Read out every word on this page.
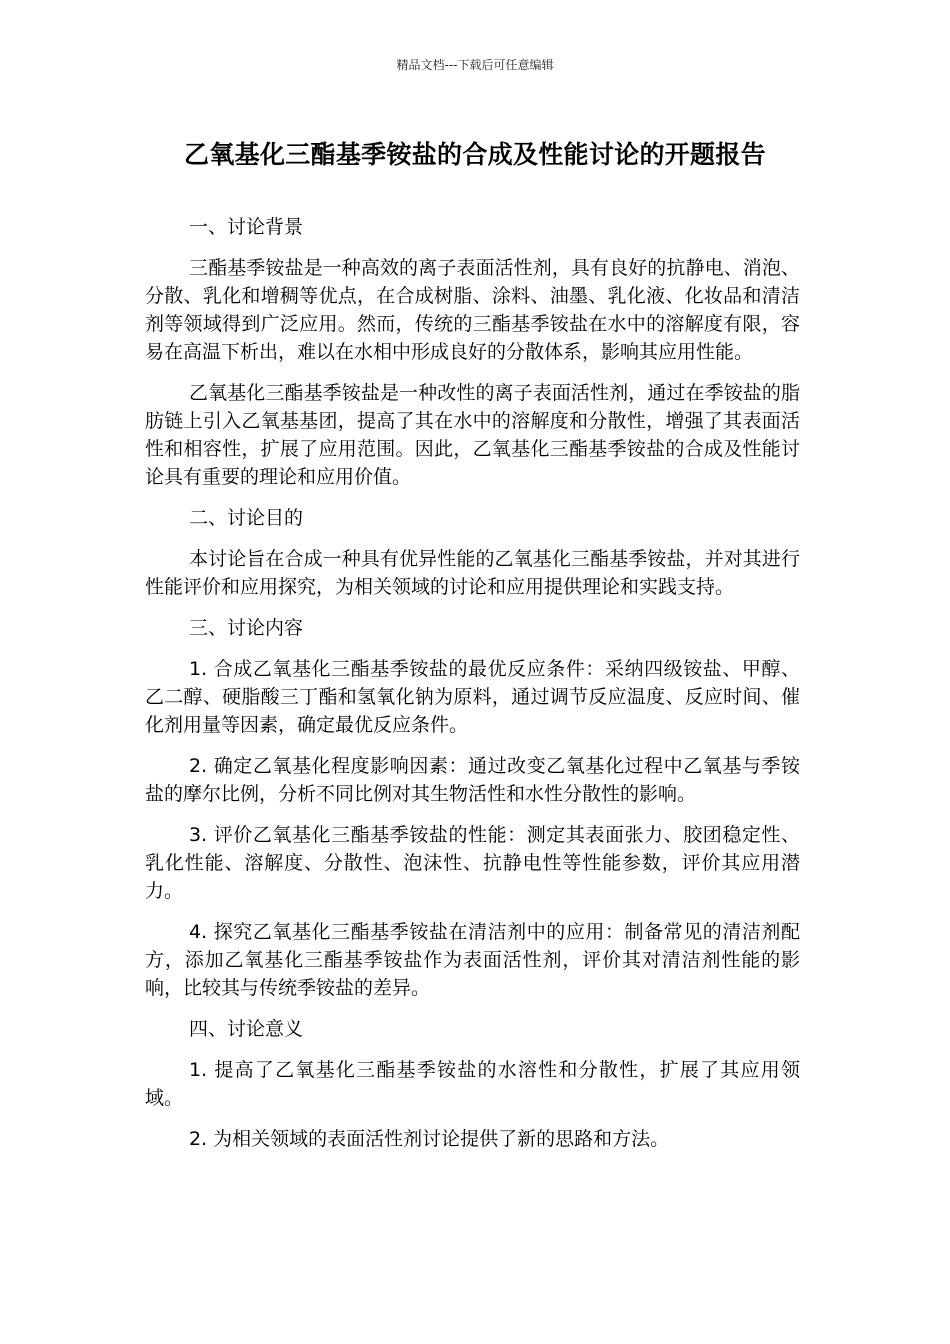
精品文档---下载后可任意编辑
乙氧基化三酯基季铵盐的合成及性能讨论的开题报告

一、讨论背景

三酯基季铵盐是一种高效的离子表面活性剂，具有良好的抗静电、消泡、分散、乳化和增稠等优点，在合成树脂、涂料、油墨、乳化液、化妆品和清洁剂等领域得到广泛应用。然而，传统的三酯基季铵盐在水中的溶解度有限，容易在高温下析出，难以在水相中形成良好的分散体系，影响其应用性能。

乙氧基化三酯基季铵盐是一种改性的离子表面活性剂，通过在季铵盐的脂肪链上引入乙氧基基团，提高了其在水中的溶解度和分散性，增强了其表面活性和相容性，扩展了应用范围。因此，乙氧基化三酯基季铵盐的合成及性能讨论具有重要的理论和应用价值。

二、讨论目的

本讨论旨在合成一种具有优异性能的乙氧基化三酯基季铵盐，并对其进行性能评价和应用探究，为相关领域的讨论和应用提供理论和实践支持。

三、讨论内容

1. 合成乙氧基化三酯基季铵盐的最优反应条件：采纳四级铵盐、甲醇、乙二醇、硬脂酸三丁酯和氢氧化钠为原料，通过调节反应温度、反应时间、催化剂用量等因素，确定最优反应条件。

2. 确定乙氧基化程度影响因素：通过改变乙氧基化过程中乙氧基与季铵盐的摩尔比例，分析不同比例对其生物活性和水性分散性的影响。

3. 评价乙氧基化三酯基季铵盐的性能：测定其表面张力、胶团稳定性、乳化性能、溶解度、分散性、泡沫性、抗静电性等性能参数，评价其应用潜力。

4. 探究乙氧基化三酯基季铵盐在清洁剂中的应用：制备常见的清洁剂配方，添加乙氧基化三酯基季铵盐作为表面活性剂，评价其对清洁剂性能的影响，比较其与传统季铵盐的差异。

四、讨论意义

1. 提高了乙氧基化三酯基季铵盐的水溶性和分散性，扩展了其应用领域。

2. 为相关领域的表面活性剂讨论提供了新的思路和方法。
